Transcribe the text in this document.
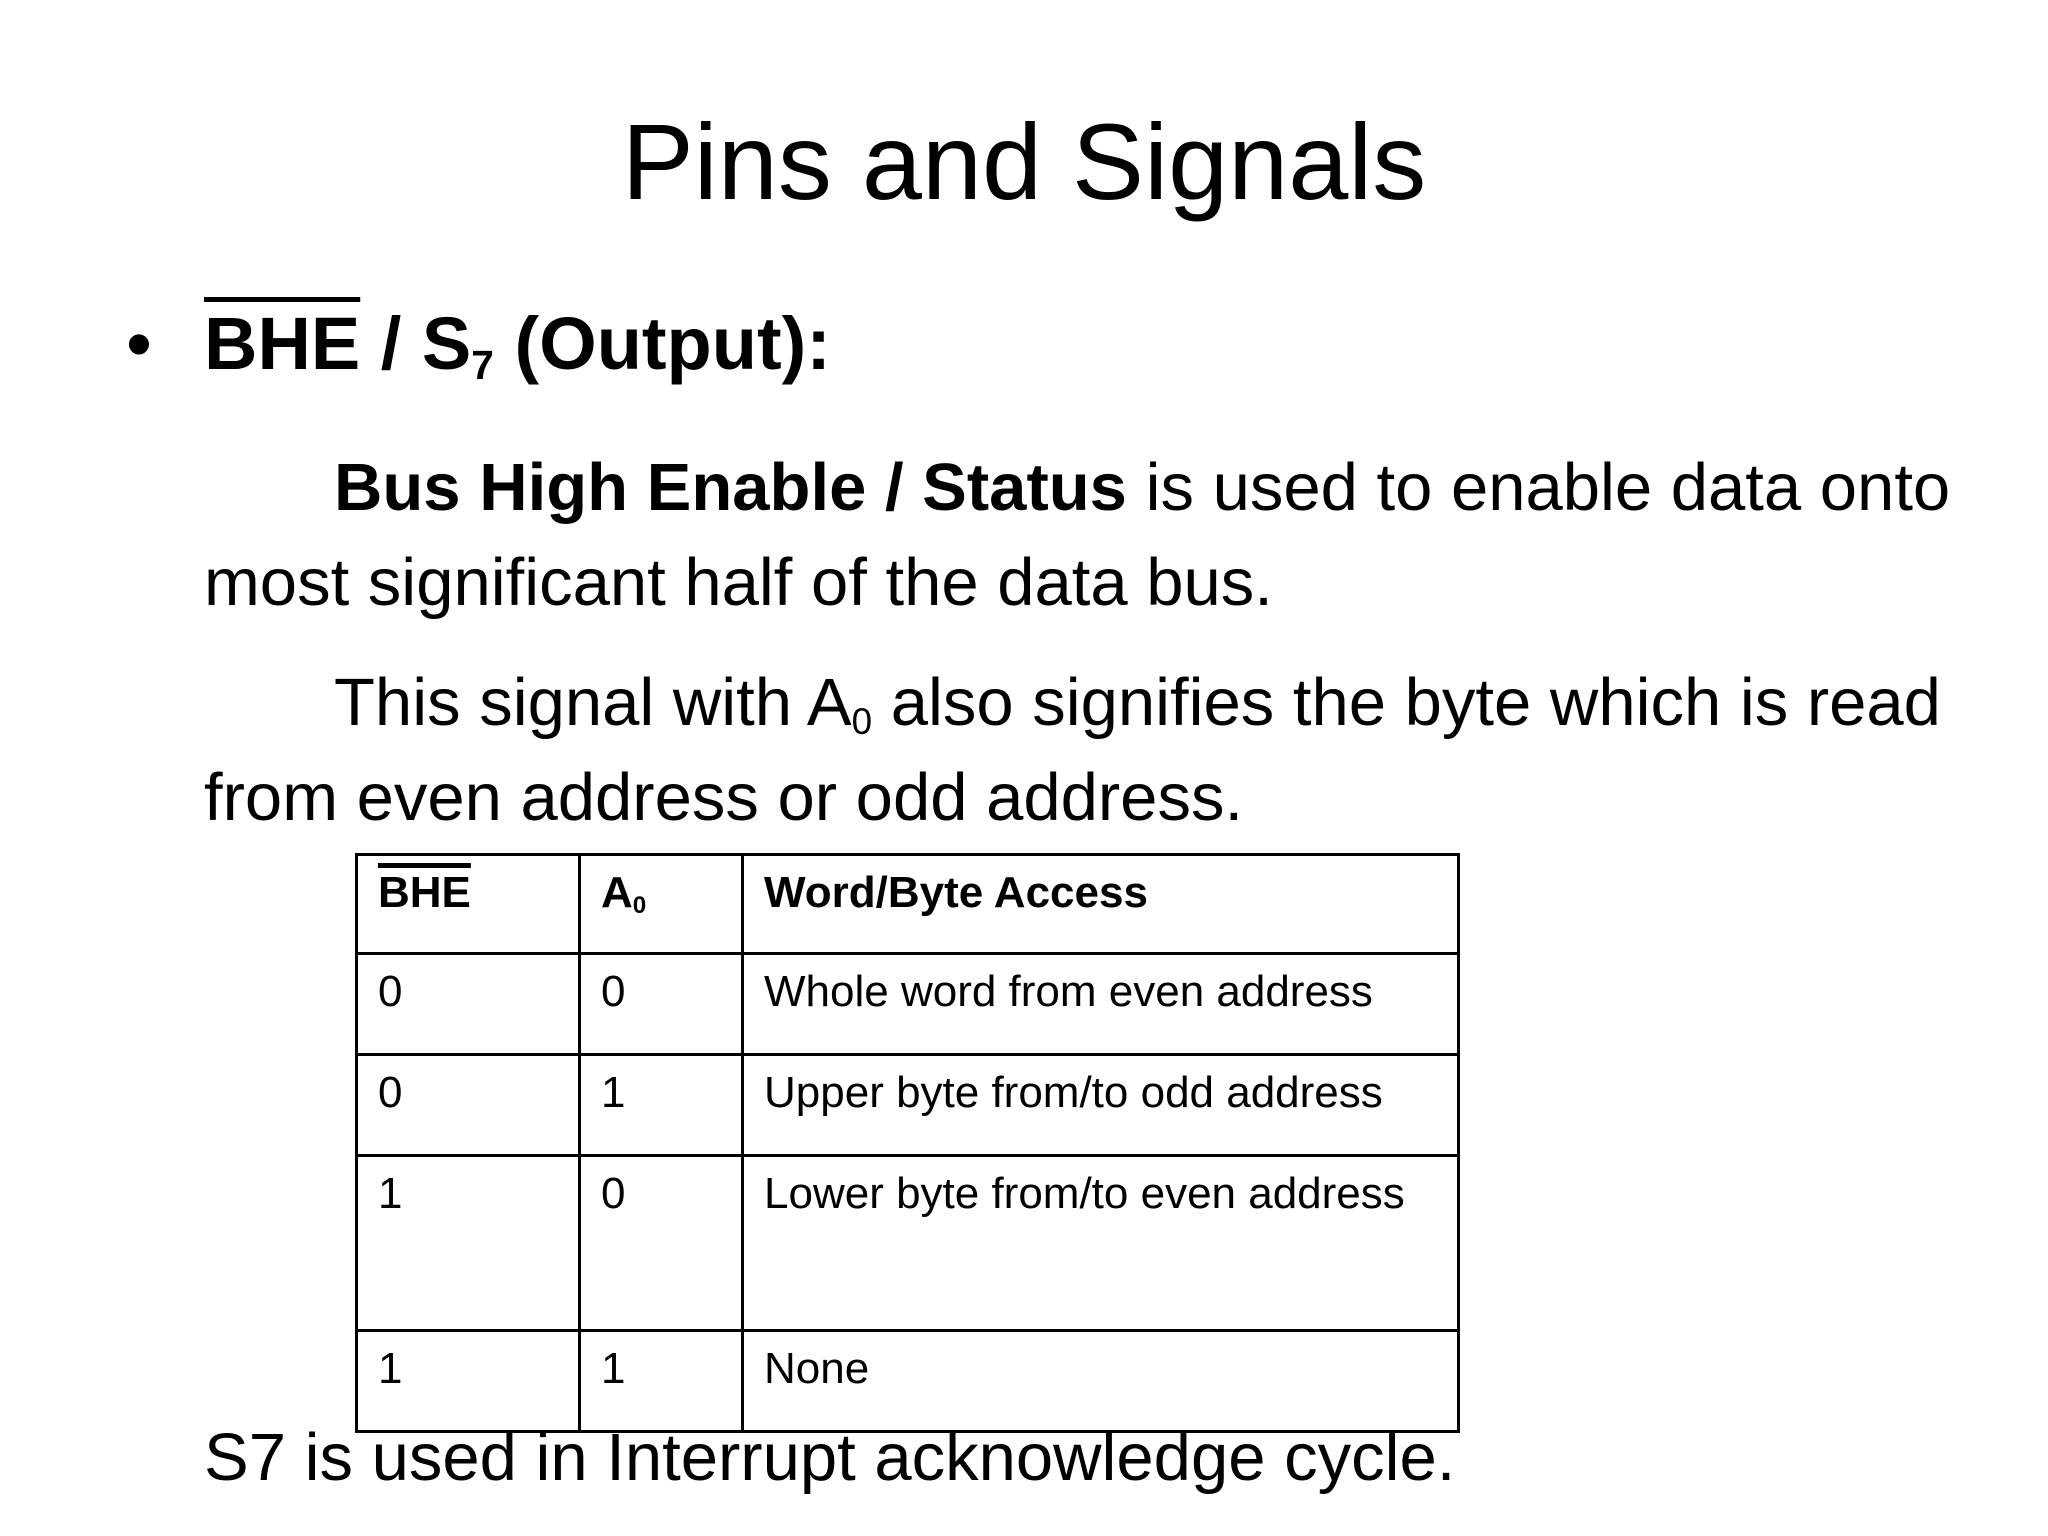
Pins and Signals
• $\overline{BHE} / S_7$ (Output):

Bus High Enable / Status is used to enable data onto most significant half of the data bus.

This signal with $A_0$ also signifies the byte which is read from even address or odd address.

$\overline{BHE}$	$A_0$	Word/Byte Access
0	0	Whole word from even address
0	1	Upper byte from/to odd address
1	0	Lower byte from/to even address
1	1	None

S7 is used in Interrupt acknowledge cycle.
